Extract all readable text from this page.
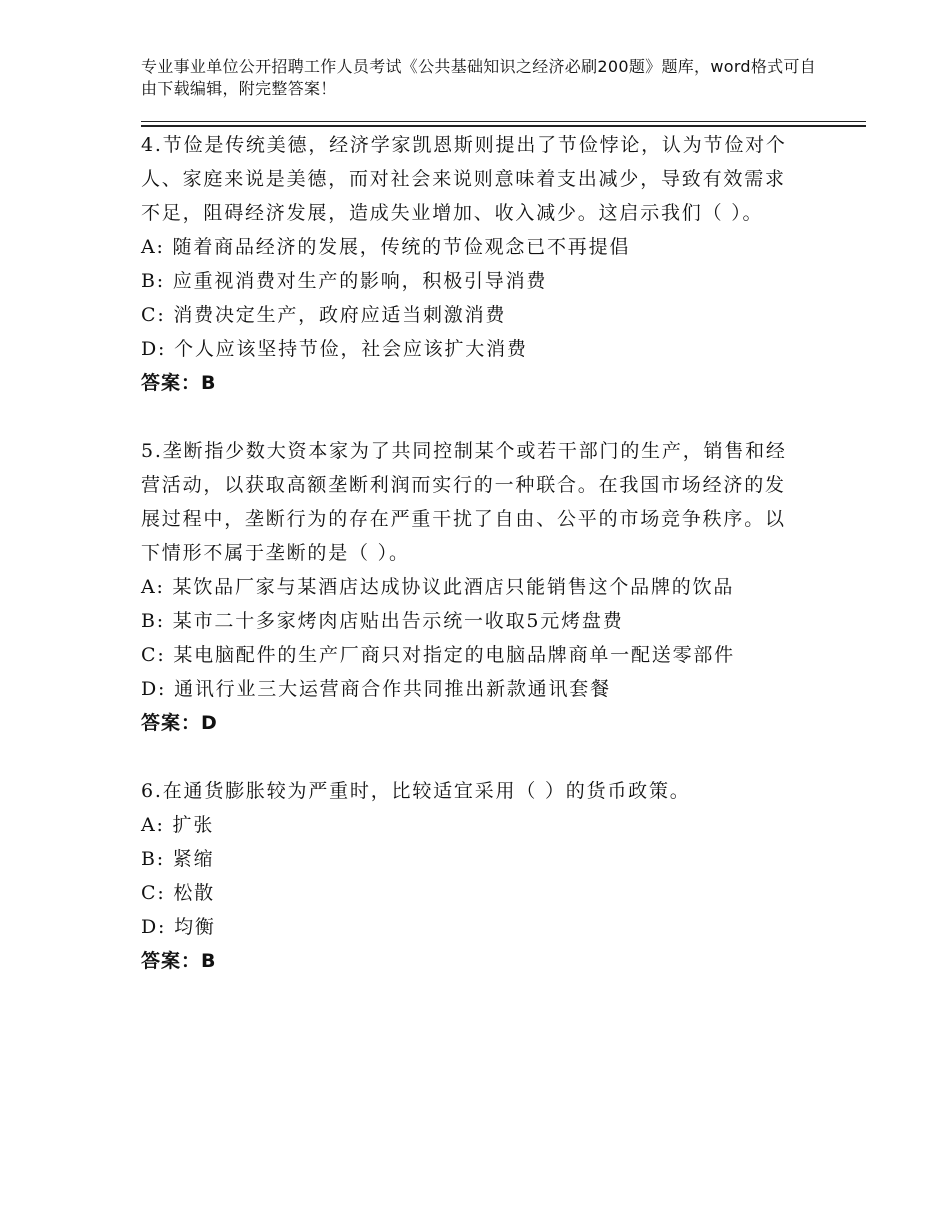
专业事业单位公开招聘工作人员考试《公共基础知识之经济必刷200题》题库，word格式可自由下载编辑，附完整答案！

4.节俭是传统美德，经济学家凯恩斯则提出了节俭悖论，认为节俭对个人、家庭来说是美德，而对社会来说则意味着支出减少，导致有效需求不足，阻碍经济发展，造成失业增加、收入减少。这启示我们（ ）。

A: 随着商品经济的发展，传统的节俭观念已不再提倡

B: 应重视消费对生产的影响，积极引导消费

C: 消费决定生产，政府应适当刺激消费

D: 个人应该坚持节俭，社会应该扩大消费

答案：B

5.垄断指少数大资本家为了共同控制某个或若干部门的生产，销售和经营活动，以获取高额垄断利润而实行的一种联合。在我国市场经济的发展过程中，垄断行为的存在严重干扰了自由、公平的市场竞争秩序。以下情形不属于垄断的是（ ）。

A: 某饮品厂家与某酒店达成协议此酒店只能销售这个品牌的饮品

B: 某市二十多家烤肉店贴出告示统一收取5元烤盘费

C: 某电脑配件的生产厂商只对指定的电脑品牌商单一配送零部件

D: 通讯行业三大运营商合作共同推出新款通讯套餐

答案：D

6.在通货膨胀较为严重时，比较适宜采用（ ）的货币政策。

A: 扩张

B: 紧缩

C: 松散

D: 均衡

答案：B
